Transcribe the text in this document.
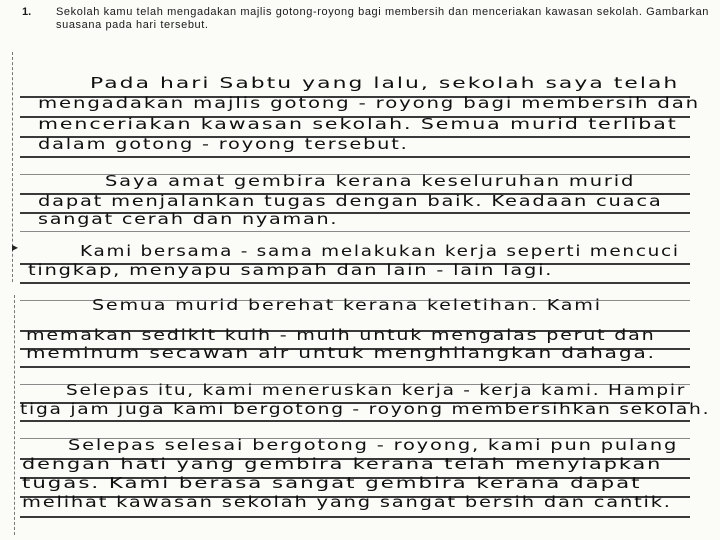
1. Sekolah kamu telah mengadakan majlis gotong-royong bagi membersih dan menceriakan kawasan sekolah. Gambarkan suasana pada hari tersebut.
▸
Pada hari Sabtu yang lalu, sekolah saya telah
mengadakan majlis gotong - royong bagi membersih dan
menceriakan kawasan sekolah. Semua murid terlibat
dalam gotong - royong tersebut.
Saya amat gembira kerana keseluruhan murid
dapat menjalankan tugas dengan baik. Keadaan cuaca
sangat cerah dan nyaman.
Kami bersama - sama melakukan kerja seperti mencuci
tingkap, menyapu sampah dan lain - lain lagi.
Semua murid berehat kerana keletihan. Kami
memakan sedikit kuih - muih untuk mengalas perut dan
meminum secawan air untuk menghilangkan dahaga.
Selepas itu, kami meneruskan kerja - kerja kami. Hampir
tiga jam juga kami bergotong - royong membersihkan sekolah.
Selepas selesai bergotong - royong, kami pun pulang
dengan hati yang gembira kerana telah menyiapkan
tugas. Kami berasa sangat gembira kerana dapat
melihat kawasan sekolah yang sangat bersih dan cantik.
